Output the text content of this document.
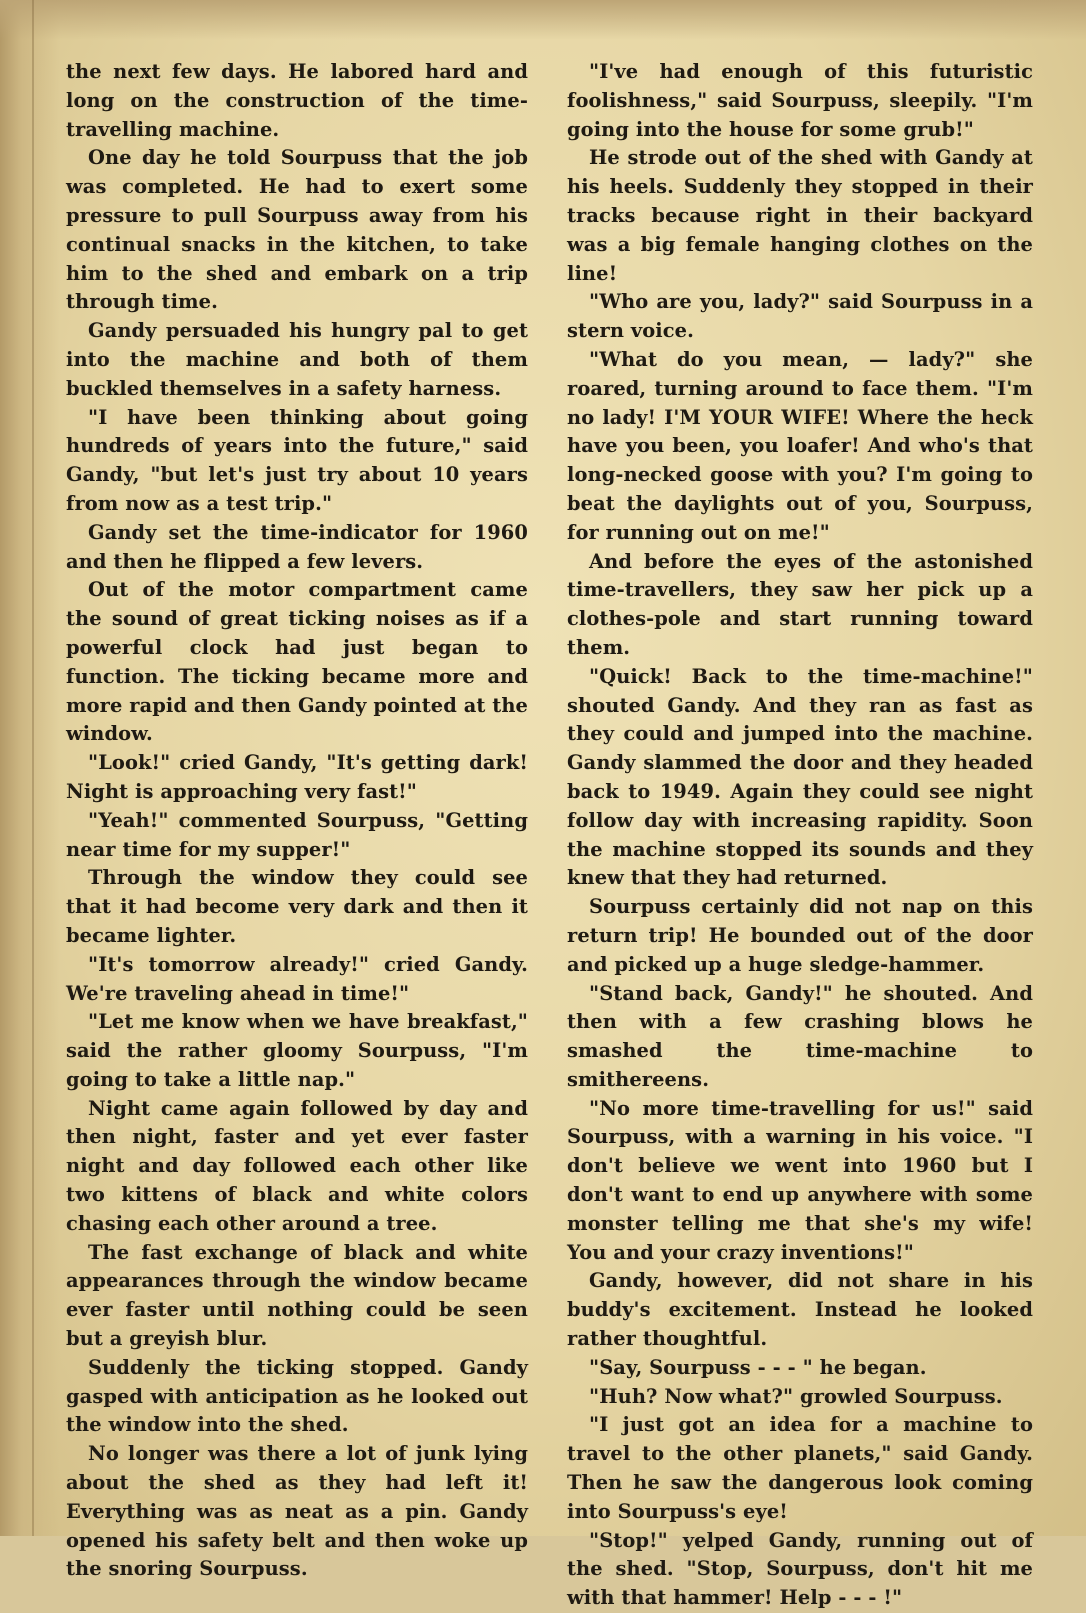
the next few days. He labored hard and long on the construction of the time-travelling machine.

One day he told Sourpuss that the job was completed. He had to exert some pressure to pull Sourpuss away from his continual snacks in the kitchen, to take him to the shed and embark on a trip through time.

Gandy persuaded his hungry pal to get into the machine and both of them buckled themselves in a safety harness.

"I have been thinking about going hundreds of years into the future," said Gandy, "but let's just try about 10 years from now as a test trip."

Gandy set the time-indicator for 1960 and then he flipped a few levers.

Out of the motor compartment came the sound of great ticking noises as if a powerful clock had just began to function. The ticking became more and more rapid and then Gandy pointed at the window.

"Look!" cried Gandy, "It's getting dark! Night is approaching very fast!"

"Yeah!" commented Sourpuss, "Getting near time for my supper!"

Through the window they could see that it had become very dark and then it became lighter.

"It's tomorrow already!" cried Gandy. We're traveling ahead in time!"

"Let me know when we have breakfast," said the rather gloomy Sourpuss, "I'm going to take a little nap."

Night came again followed by day and then night, faster and yet ever faster night and day followed each other like two kittens of black and white colors chasing each other around a tree.

The fast exchange of black and white appearances through the window became ever faster until nothing could be seen but a greyish blur.

Suddenly the ticking stopped. Gandy gasped with anticipation as he looked out the window into the shed.

No longer was there a lot of junk lying about the shed as they had left it! Everything was as neat as a pin. Gandy opened his safety belt and then woke up the snoring Sourpuss.

"I've had enough of this futuristic foolishness," said Sourpuss, sleepily. "I'm going into the house for some grub!"

He strode out of the shed with Gandy at his heels. Suddenly they stopped in their tracks because right in their backyard was a big female hanging clothes on the line!

"Who are you, lady?" said Sourpuss in a stern voice.

"What do you mean, — lady?" she roared, turning around to face them. "I'm no lady! I'M YOUR WIFE! Where the heck have you been, you loafer! And who's that long-necked goose with you? I'm going to beat the daylights out of you, Sourpuss, for running out on me!"

And before the eyes of the astonished time-travellers, they saw her pick up a clothes-pole and start running toward them.

"Quick! Back to the time-machine!" shouted Gandy. And they ran as fast as they could and jumped into the machine. Gandy slammed the door and they headed back to 1949. Again they could see night follow day with increasing rapidity. Soon the machine stopped its sounds and they knew that they had returned.

Sourpuss certainly did not nap on this return trip! He bounded out of the door and picked up a huge sledge-hammer.

"Stand back, Gandy!" he shouted. And then with a few crashing blows he smashed the time-machine to smithereens.

"No more time-travelling for us!" said Sourpuss, with a warning in his voice. "I don't believe we went into 1960 but I don't want to end up anywhere with some monster telling me that she's my wife! You and your crazy inventions!"

Gandy, however, did not share in his buddy's excitement. Instead he looked rather thoughtful.

"Say, Sourpuss - - - " he began.

"Huh? Now what?" growled Sourpuss.

"I just got an idea for a machine to travel to the other planets," said Gandy. Then he saw the dangerous look coming into Sourpuss's eye!

"Stop!" yelped Gandy, running out of the shed. "Stop, Sourpuss, don't hit me with that hammer! Help - - - !"
